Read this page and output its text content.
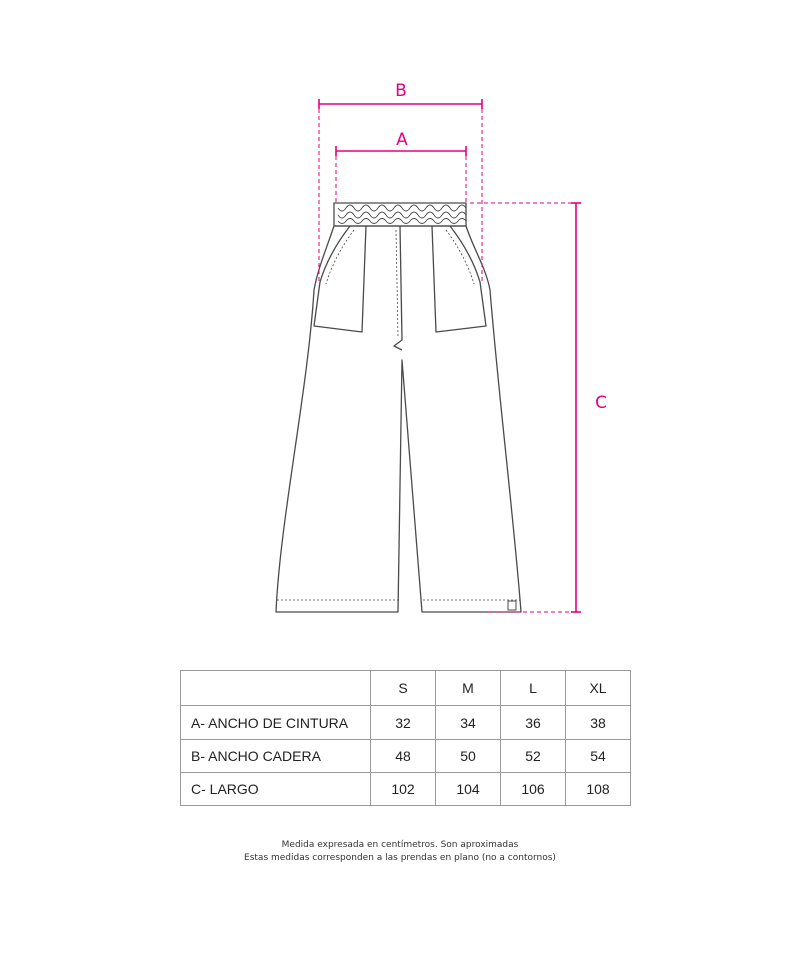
B
A
C
	S	M	L	XL
A- ANCHO DE CINTURA	32	34	36	38
B- ANCHO CADERA	48	50	52	54
C- LARGO	102	104	106	108
Medida expresada en centímetros. Son aproximadas
Estas medidas corresponden a las prendas en plano (no a contornos)
